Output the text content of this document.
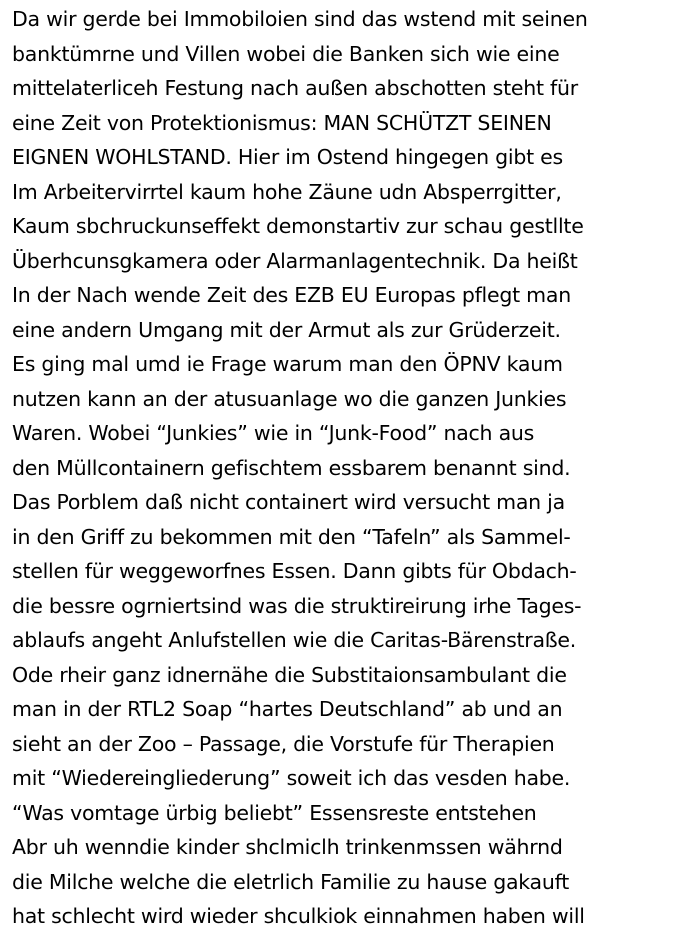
Da wir gerde bei Immobiloien sind das wstend mit seinen
banktümrne und Villen wobei die Banken sich wie eine
mittelaterliceh Festung nach außen abschotten steht für
eine Zeit von Protektionismus: MAN SCHÜTZT SEINEN
EIGNEN WOHLSTAND. Hier im Ostend hingegen gibt es
Im Arbeitervirrtel kaum hohe Zäune udn Absperrgitter,
Kaum sbchruckunseffekt demonstartiv zur schau gestllte
Überhcunsgkamera oder Alarmanlagentechnik. Da heißt
In der Nach wende Zeit des EZB EU Europas pflegt man
eine andern Umgang mit der Armut als zur Grüderzeit.
Es ging mal umd ie Frage warum man den ÖPNV kaum
nutzen kann an der atusuanlage wo die ganzen Junkies
Waren. Wobei “Junkies” wie in “Junk-Food” nach aus
den Müllcontainern gefischtem essbarem benannt sind.
Das Porblem daß nicht containert wird versucht man ja
in den Griff zu bekommen mit den “Tafeln” als Sammel-
stellen für weggeworfnes Essen. Dann gibts für Obdach-
die bessre ogrniertsind was die struktireirung irhe Tages-
ablaufs angeht Anlufstellen wie die Caritas-Bärenstraße.
Ode rheir ganz idnernähe die Substitaionsambulant die
man in der RTL2 Soap “hartes Deutschland” ab und an
sieht an der Zoo – Passage, die Vorstufe für Therapien
mit “Wiedereingliederung” soweit ich das vesden habe.
“Was vomtage ürbig beliebt” Essensreste entstehen
Abr uh wenndie kinder shclmiclh trinkenmssen währnd
die Milche welche die eletrlich Familie zu hause gakauft
hat schlecht wird wieder shculkiok einnahmen haben will
